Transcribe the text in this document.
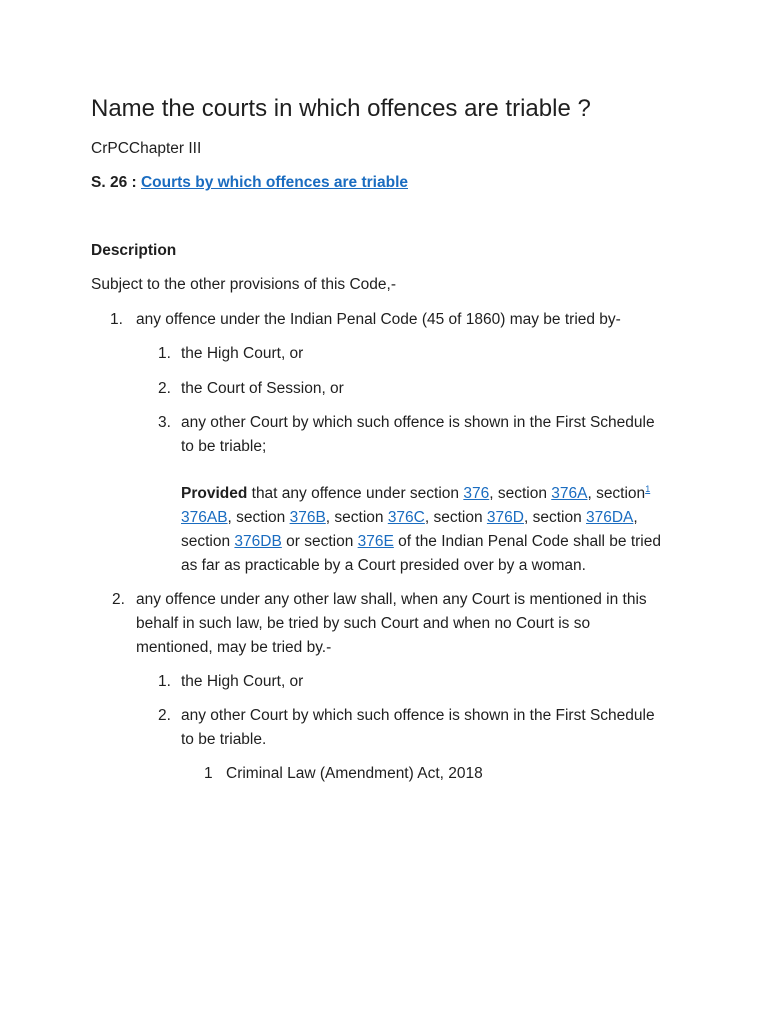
Name the courts in which offences are triable ?
CrPCChapter III
S. 26 : Courts by which offences are triable
Description
Subject to the other provisions of this Code,-
1. any offence under the Indian Penal Code (45 of 1860) may be tried by-
1. the High Court, or
2. the Court of Session, or
3. any other Court by which such offence is shown in the First Schedule
to be triable;
Provided that any offence under section 376, section 376A, section$^1$
376AB, section 376B, section 376C, section 376D, section 376DA,
section 376DB or section 376E of the Indian Penal Code shall be tried
as far as practicable by a Court presided over by a woman.
2. any offence under any other law shall, when any Court is mentioned in this
behalf in such law, be tried by such Court and when no Court is so
mentioned, may be tried by.-
1. the High Court, or
2. any other Court by which such offence is shown in the First Schedule
to be triable.
1 Criminal Law (Amendment) Act, 2018
